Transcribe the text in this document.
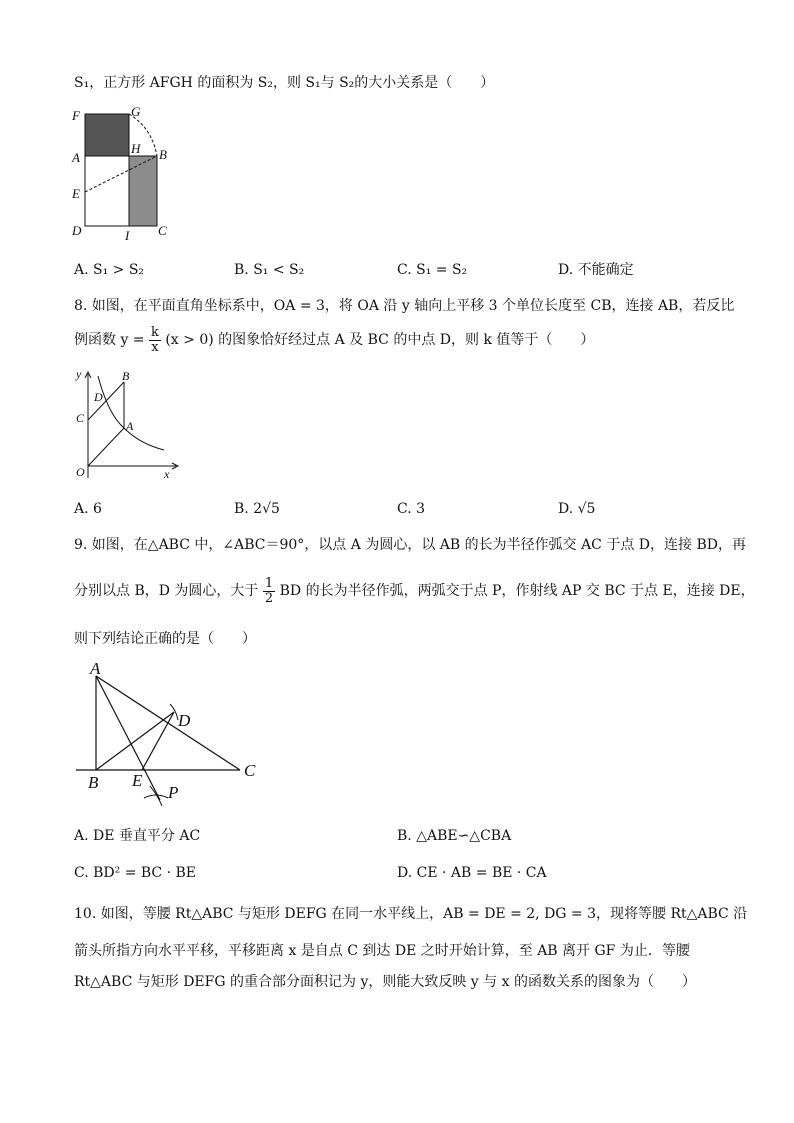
S₁，正方形 AFGH 的面积为 S₂，则 S₁与 S₂的大小关系是（　　）
F	G
A
H B
E
D	I C
A. S₁ > S₂	B. S₁ < S₂	C. S₁ = S₂	D. 不能确定
8. 如图，在平面直角坐标系中，OA = 3，将 OA 沿 y 轴向上平移 3 个单位长度至 CB，连接 AB，若反比
例函数 $y = \frac{k}{x} (x > 0)$ 的图象恰好经过点 A 及 BC 的中点 D，则 k 值等于（　　）
y	B
D
C
A
O	x
A. 6	B. 2√5	C. 3	D. √5
9. 如图，在△ABC 中，∠ABC＝90°，以点 A 为圆心，以 AB 的长为半径作弧交 AC 于点 D，连接 BD，再
分别以点 B，D 为圆心，大于 $\frac{1}{2}$ BD 的长为半径作弧，两弧交于点 P，作射线 AP 交 BC 于点 E，连接 DE，
则下列结论正确的是（　　）
A
D
B E
C
P
A. DE 垂直平分 AC	B. △ABE∽△CBA
C. BD² = BC · BE	D. CE · AB = BE · CA
10. 如图，等腰 Rt△ABC 与矩形 DEFG 在同一水平线上，AB = DE = 2, DG = 3，现将等腰 Rt△ABC 沿
箭头所指方向水平平移，平移距离 x 是自点 C 到达 DE 之时开始计算，至 AB 离开 GF 为止．等腰
Rt△ABC 与矩形 DEFG 的重合部分面积记为 y，则能大致反映 y 与 x 的函数关系的图象为（　　）
